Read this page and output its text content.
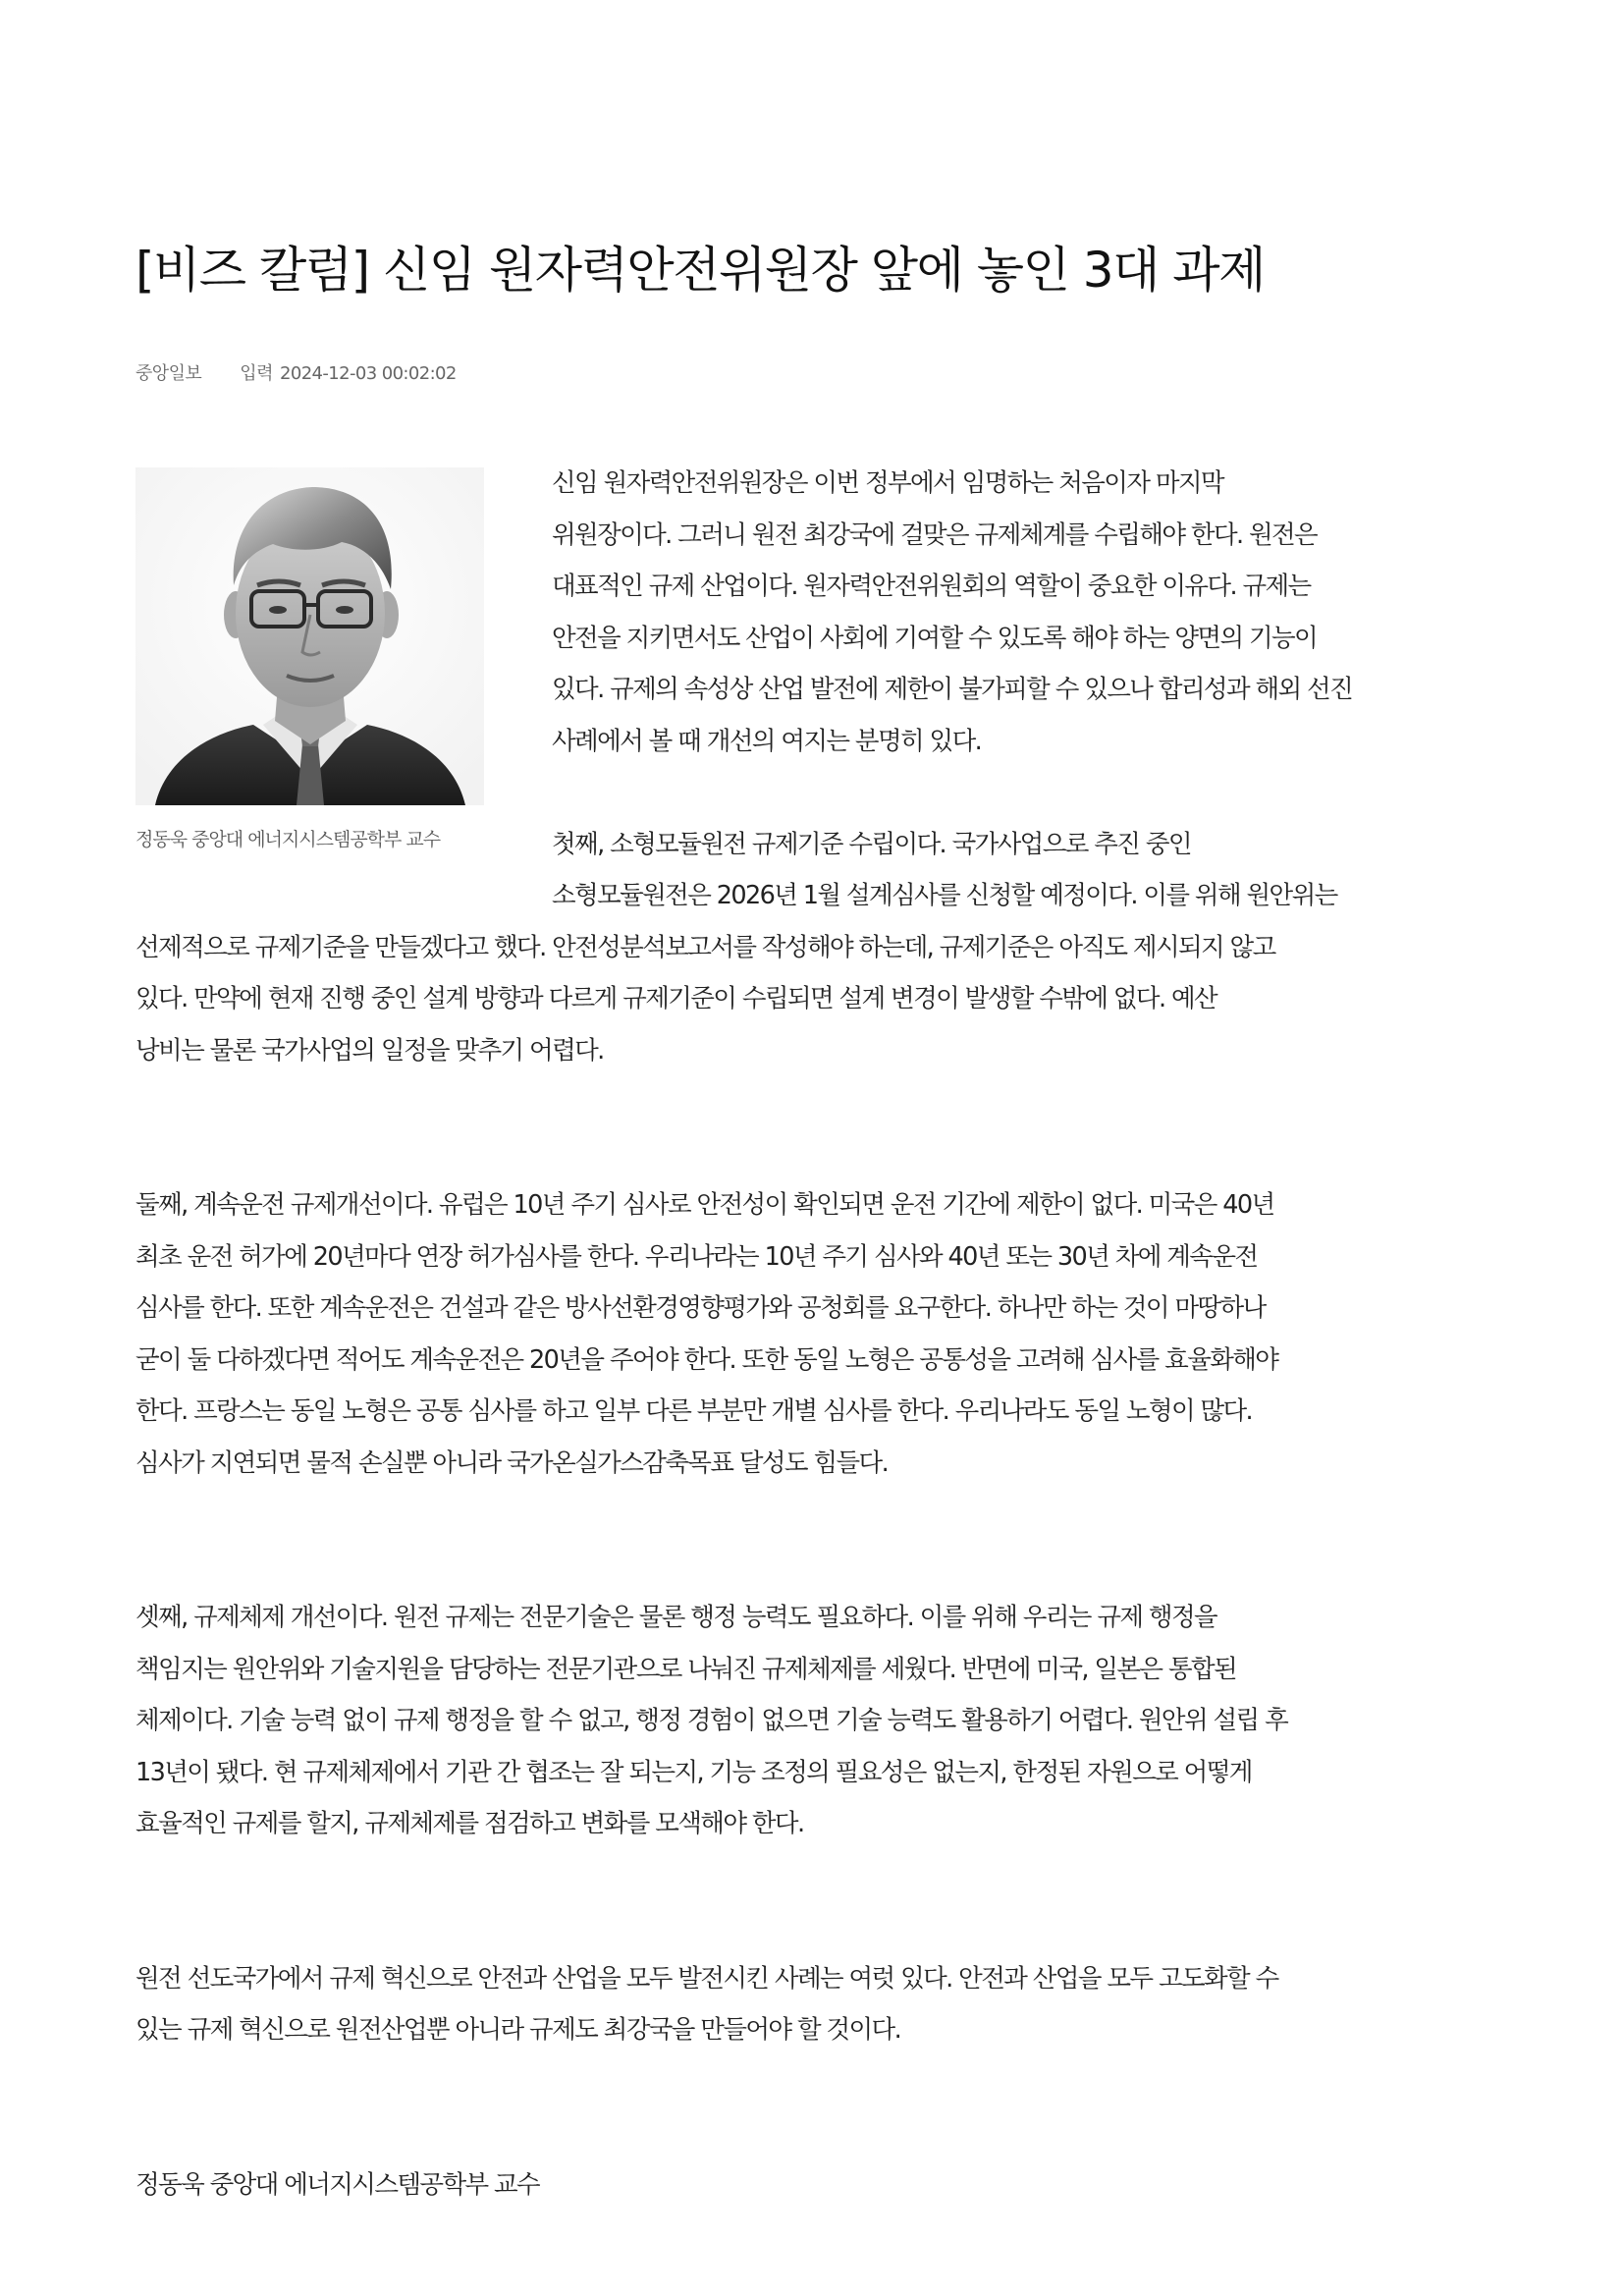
[비즈 칼럼] 신임 원자력안전위원장 앞에 놓인 3대 과제
중앙일보 입력 2024-12-03 00:02:02
정동욱 중앙대 에너지시스템공학부 교수

신임 원자력안전위원장은 이번 정부에서 임명하는 처음이자 마지막
위원장이다. 그러니 원전 최강국에 걸맞은 규제체계를 수립해야 한다. 원전은
대표적인 규제 산업이다. 원자력안전위원회의 역할이 중요한 이유다. 규제는
안전을 지키면서도 산업이 사회에 기여할 수 있도록 해야 하는 양면의 기능이
있다. 규제의 속성상 산업 발전에 제한이 불가피할 수 있으나 합리성과 해외 선진
사례에서 볼 때 개선의 여지는 분명히 있다.

첫째, 소형모듈원전 규제기준 수립이다. 국가사업으로 추진 중인
소형모듈원전은 2026년 1월 설계심사를 신청할 예정이다. 이를 위해 원안위는
선제적으로 규제기준을 만들겠다고 했다. 안전성분석보고서를 작성해야 하는데, 규제기준은 아직도 제시되지 않고
있다. 만약에 현재 진행 중인 설계 방향과 다르게 규제기준이 수립되면 설계 변경이 발생할 수밖에 없다. 예산
낭비는 물론 국가사업의 일정을 맞추기 어렵다.

둘째, 계속운전 규제개선이다. 유럽은 10년 주기 심사로 안전성이 확인되면 운전 기간에 제한이 없다. 미국은 40년
최초 운전 허가에 20년마다 연장 허가심사를 한다. 우리나라는 10년 주기 심사와 40년 또는 30년 차에 계속운전
심사를 한다. 또한 계속운전은 건설과 같은 방사선환경영향평가와 공청회를 요구한다. 하나만 하는 것이 마땅하나
굳이 둘 다하겠다면 적어도 계속운전은 20년을 주어야 한다. 또한 동일 노형은 공통성을 고려해 심사를 효율화해야
한다. 프랑스는 동일 노형은 공통 심사를 하고 일부 다른 부분만 개별 심사를 한다. 우리나라도 동일 노형이 많다.
심사가 지연되면 물적 손실뿐 아니라 국가온실가스감축목표 달성도 힘들다.

셋째, 규제체제 개선이다. 원전 규제는 전문기술은 물론 행정 능력도 필요하다. 이를 위해 우리는 규제 행정을
책임지는 원안위와 기술지원을 담당하는 전문기관으로 나눠진 규제체제를 세웠다. 반면에 미국, 일본은 통합된
체제이다. 기술 능력 없이 규제 행정을 할 수 없고, 행정 경험이 없으면 기술 능력도 활용하기 어렵다. 원안위 설립 후
13년이 됐다. 현 규제체제에서 기관 간 협조는 잘 되는지, 기능 조정의 필요성은 없는지, 한정된 자원으로 어떻게
효율적인 규제를 할지, 규제체제를 점검하고 변화를 모색해야 한다.

원전 선도국가에서 규제 혁신으로 안전과 산업을 모두 발전시킨 사례는 여럿 있다. 안전과 산업을 모두 고도화할 수
있는 규제 혁신으로 원전산업뿐 아니라 규제도 최강국을 만들어야 할 것이다.

정동욱 중앙대 에너지시스템공학부 교수
